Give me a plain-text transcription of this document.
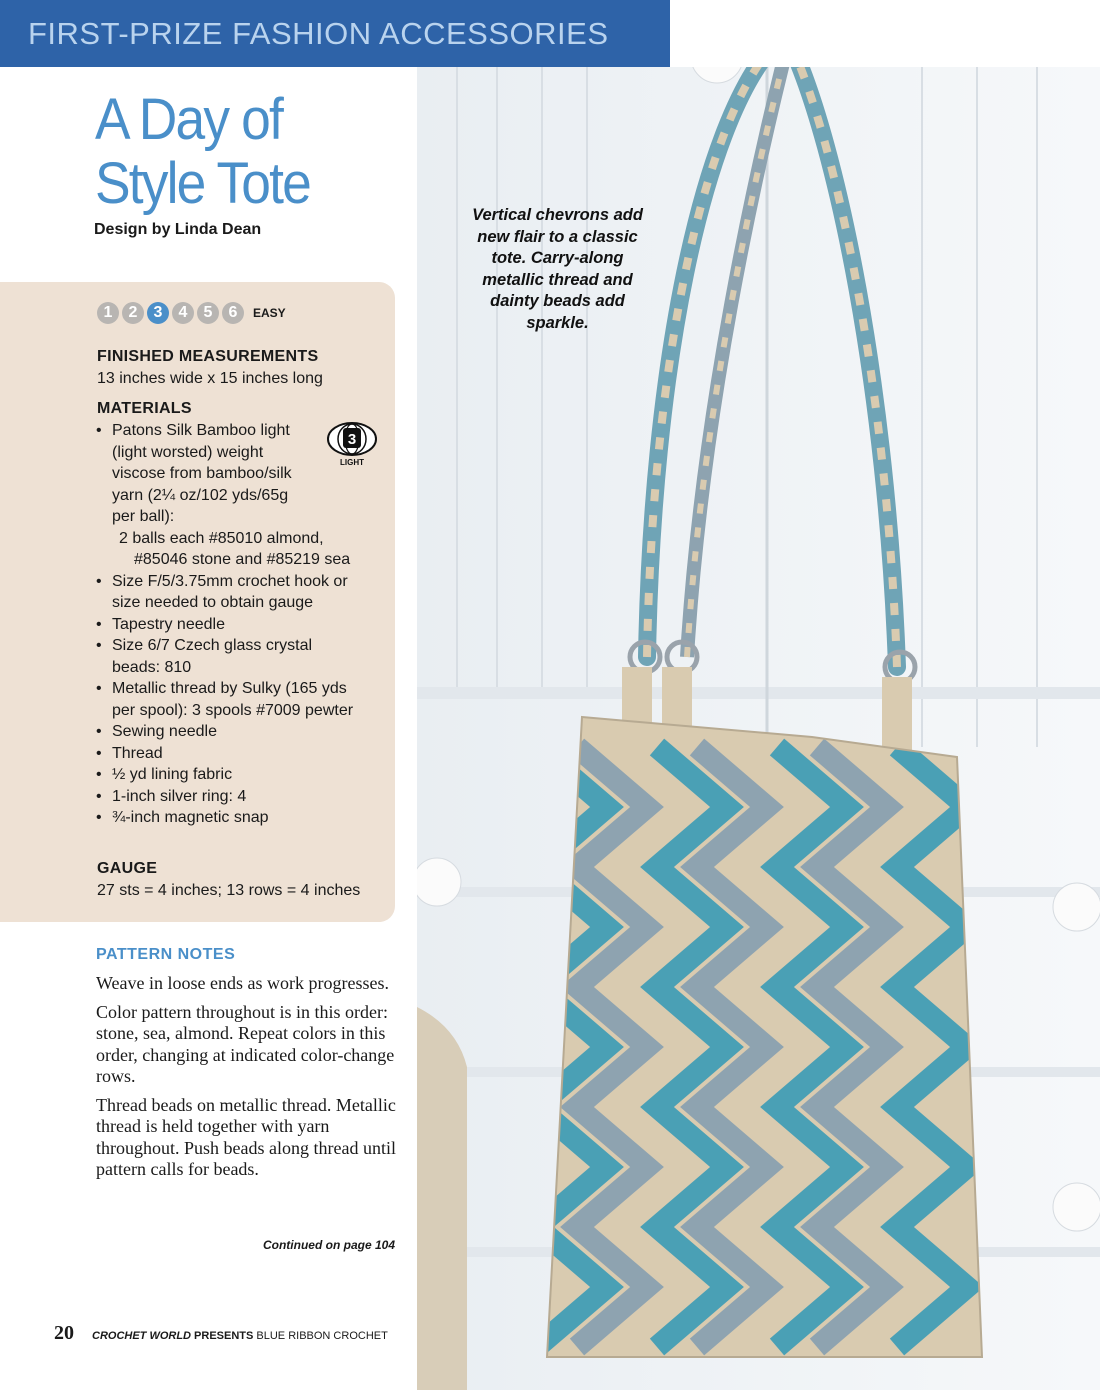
FIRST-PRIZE FASHION ACCESSORIES
A Day of
Style Tote
Design by Linda Dean
1	2	3	4	5	6	EASY
FINISHED MEASUREMENTS
13 inches wide x 15 inches long
MATERIALS
3
LIGHT
• Patons Silk Bamboo light (light worsted) weight viscose from bamboo/silk yarn (2¼ oz/102 yds/65g per ball):
2 balls each #85010 almond, #85046 stone and #85219 sea
• Size F/5/3.75mm crochet hook or size needed to obtain gauge
• Tapestry needle
• Size 6/7 Czech glass crystal beads: 810
• Metallic thread by Sulky (165 yds per spool): 3 spools #7009 pewter
• Sewing needle
• Thread
• ½ yd lining fabric
• 1-inch silver ring: 4
• ¾-inch magnetic snap
GAUGE
27 sts = 4 inches; 13 rows = 4 inches
PATTERN NOTES

Weave in loose ends as work progresses.

Color pattern throughout is in this order: stone, sea, almond. Repeat colors in this order, changing at indicated color-change rows.

Thread beads on metallic thread. Metallic thread is held together with yarn throughout. Push beads along thread until pattern calls for beads.

Continued on page 104
20 CROCHET WORLD PRESENTS BLUE RIBBON CROCHET
Vertical chevrons add new flair to a classic tote. Carry-along metallic thread and dainty beads add sparkle.
